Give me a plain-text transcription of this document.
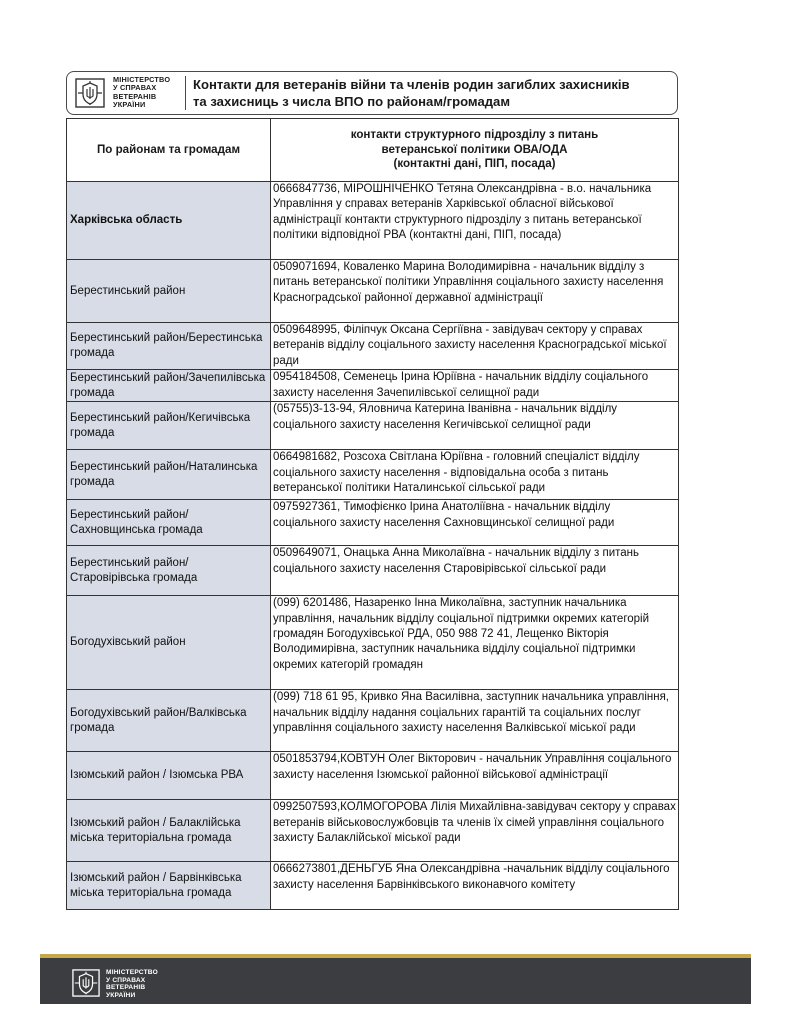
МІНІСТЕРСТВО
У СПРАВАХ
ВЕТЕРАНІВ
УКРАЇНИ
Контакти для ветеранів війни та членів родин загиблих захисників
та захисниць з числа ВПО по районам/громадам
По районам та громадам	контакти структурного підрозділу з питань
ветеранської політики ОВА/ОДА
(контактні дані, ПІП, посада)

Харківська область	0666847736, МІРОШНІЧЕНКО Тетяна Олександрівна - в.о. начальника Управління у справах ветеранів Харківської обласної військової адміністрації контакти структурного підрозділу з питань ветеранської політики відповідної РВА (контактні дані, ПІП, посада)
Берестинський район	0509071694, Коваленко Марина Володимирівна - начальник відділу з питань ветеранської політики Управління соціального захисту населення Красноградської районної державної адміністрації
Берестинський район/Берестинська громада	0509648995, Філіпчук Оксана Сергіївна - завідувач сектору у справах ветеранів відділу соціального захисту населення Красноградської міської ради
Берестинський район/Зачепилівська громада	0954184508, Семенець Ірина Юріївна - начальник відділу соціального захисту населення Зачепилівської селищної ради
Берестинський район/Кегичівська громада	(05755)3-13-94, Яловнича Катерина Іванівна - начальник відділу соціального захисту населення Кегичівської селищної ради
Берестинський район/Наталинська громада	0664981682, Розсоха Світлана Юріївна - головний спеціаліст відділу соціального захисту населення - відповідальна особа з питань ветеранської політики Наталинської сільської ради
Берестинський район/Сахновщинська громада	0975927361, Тимофієнко Ірина Анатоліївна - начальник відділу соціального захисту населення Сахновщинської селищної ради
Берестинський район/Старовірівська громада	0509649071, Онацька Анна Миколаївна - начальник відділу з питань соціального захисту населення Старовірівської сільської ради
Богодухівський район	(099) 6201486, Назаренко Інна Миколаївна, заступник начальника управління, начальник відділу соціальної підтримки окремих категорій громадян Богодухівської РДА, 050 988 72 41, Лещенко Вікторія Володимирівна, заступник начальника відділу соціальної підтримки окремих категорій громадян
Богодухівський район/Валківська громада	(099) 718 61 95, Кривко Яна Василівна, заступник начальника управління, начальник відділу надання соціальних гарантій та соціальних послуг управління соціального захисту населення Валківської міської ради
Ізюмський район / Ізюмська РВА	0501853794,КОВТУН Олег Вікторович - начальник Управління соціального захисту населення Ізюмської районної військової адміністрації
Ізюмський район / Балаклійська міська територіальна громада	0992507593,КОЛМОГОРОВА Лілія Михайлівна-завідувач сектору у справах ветеранів військовослужбовців та членів їх сімей управління соціального захисту Балаклійської міської ради
Ізюмський район / Барвінківська міська територіальна громада	0666273801,ДЕНЬГУБ Яна Олександрівна -начальник відділу соціального захисту населення Барвінківського виконавчого комітету
МІНІСТЕРСТВО
У СПРАВАХ
ВЕТЕРАНІВ
УКРАЇНИ
